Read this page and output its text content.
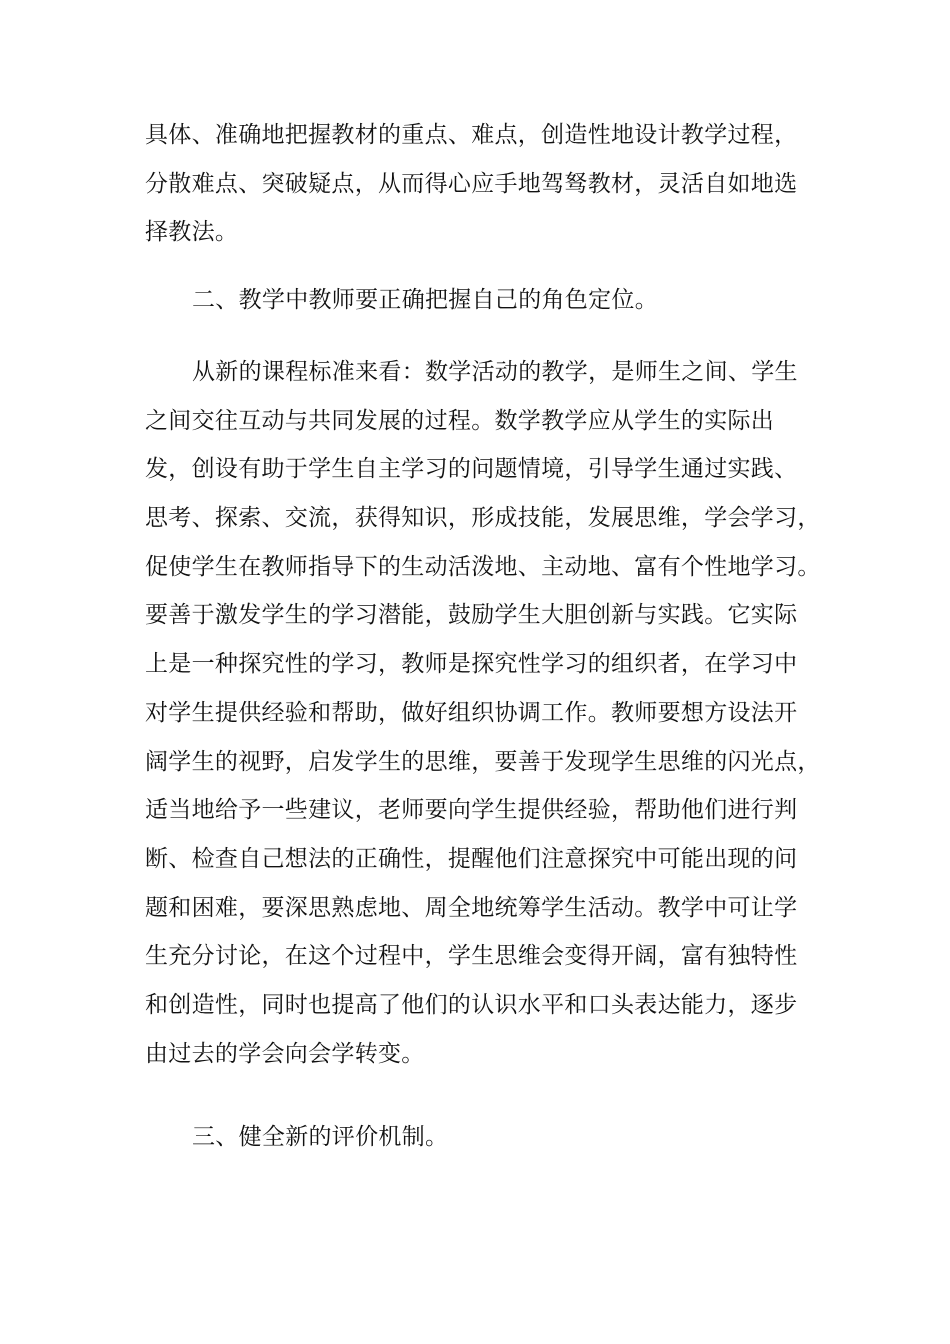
具体、准确地把握教材的重点、难点，创造性地设计教学过程，
分散难点、突破疑点，从而得心应手地驾驽教材，灵活自如地选
择教法。
二、教学中教师要正确把握自己的角色定位。
从新的课程标准来看：数学活动的教学，是师生之间、学生
之间交往互动与共同发展的过程。数学教学应从学生的实际出
发，创设有助于学生自主学习的问题情境，引导学生通过实践、
思考、探索、交流，获得知识，形成技能，发展思维，学会学习，
促使学生在教师指导下的生动活泼地、主动地、富有个性地学习。
要善于激发学生的学习潜能，鼓励学生大胆创新与实践。它实际
上是一种探究性的学习，教师是探究性学习的组织者，在学习中
对学生提供经验和帮助，做好组织协调工作。教师要想方设法开
阔学生的视野，启发学生的思维，要善于发现学生思维的闪光点，
适当地给予一些建议，老师要向学生提供经验，帮助他们进行判
断、检查自己想法的正确性，提醒他们注意探究中可能出现的问
题和困难，要深思熟虑地、周全地统筹学生活动。教学中可让学
生充分讨论，在这个过程中，学生思维会变得开阔，富有独特性
和创造性，同时也提高了他们的认识水平和口头表达能力，逐步
由过去的学会向会学转变。
三、健全新的评价机制。
